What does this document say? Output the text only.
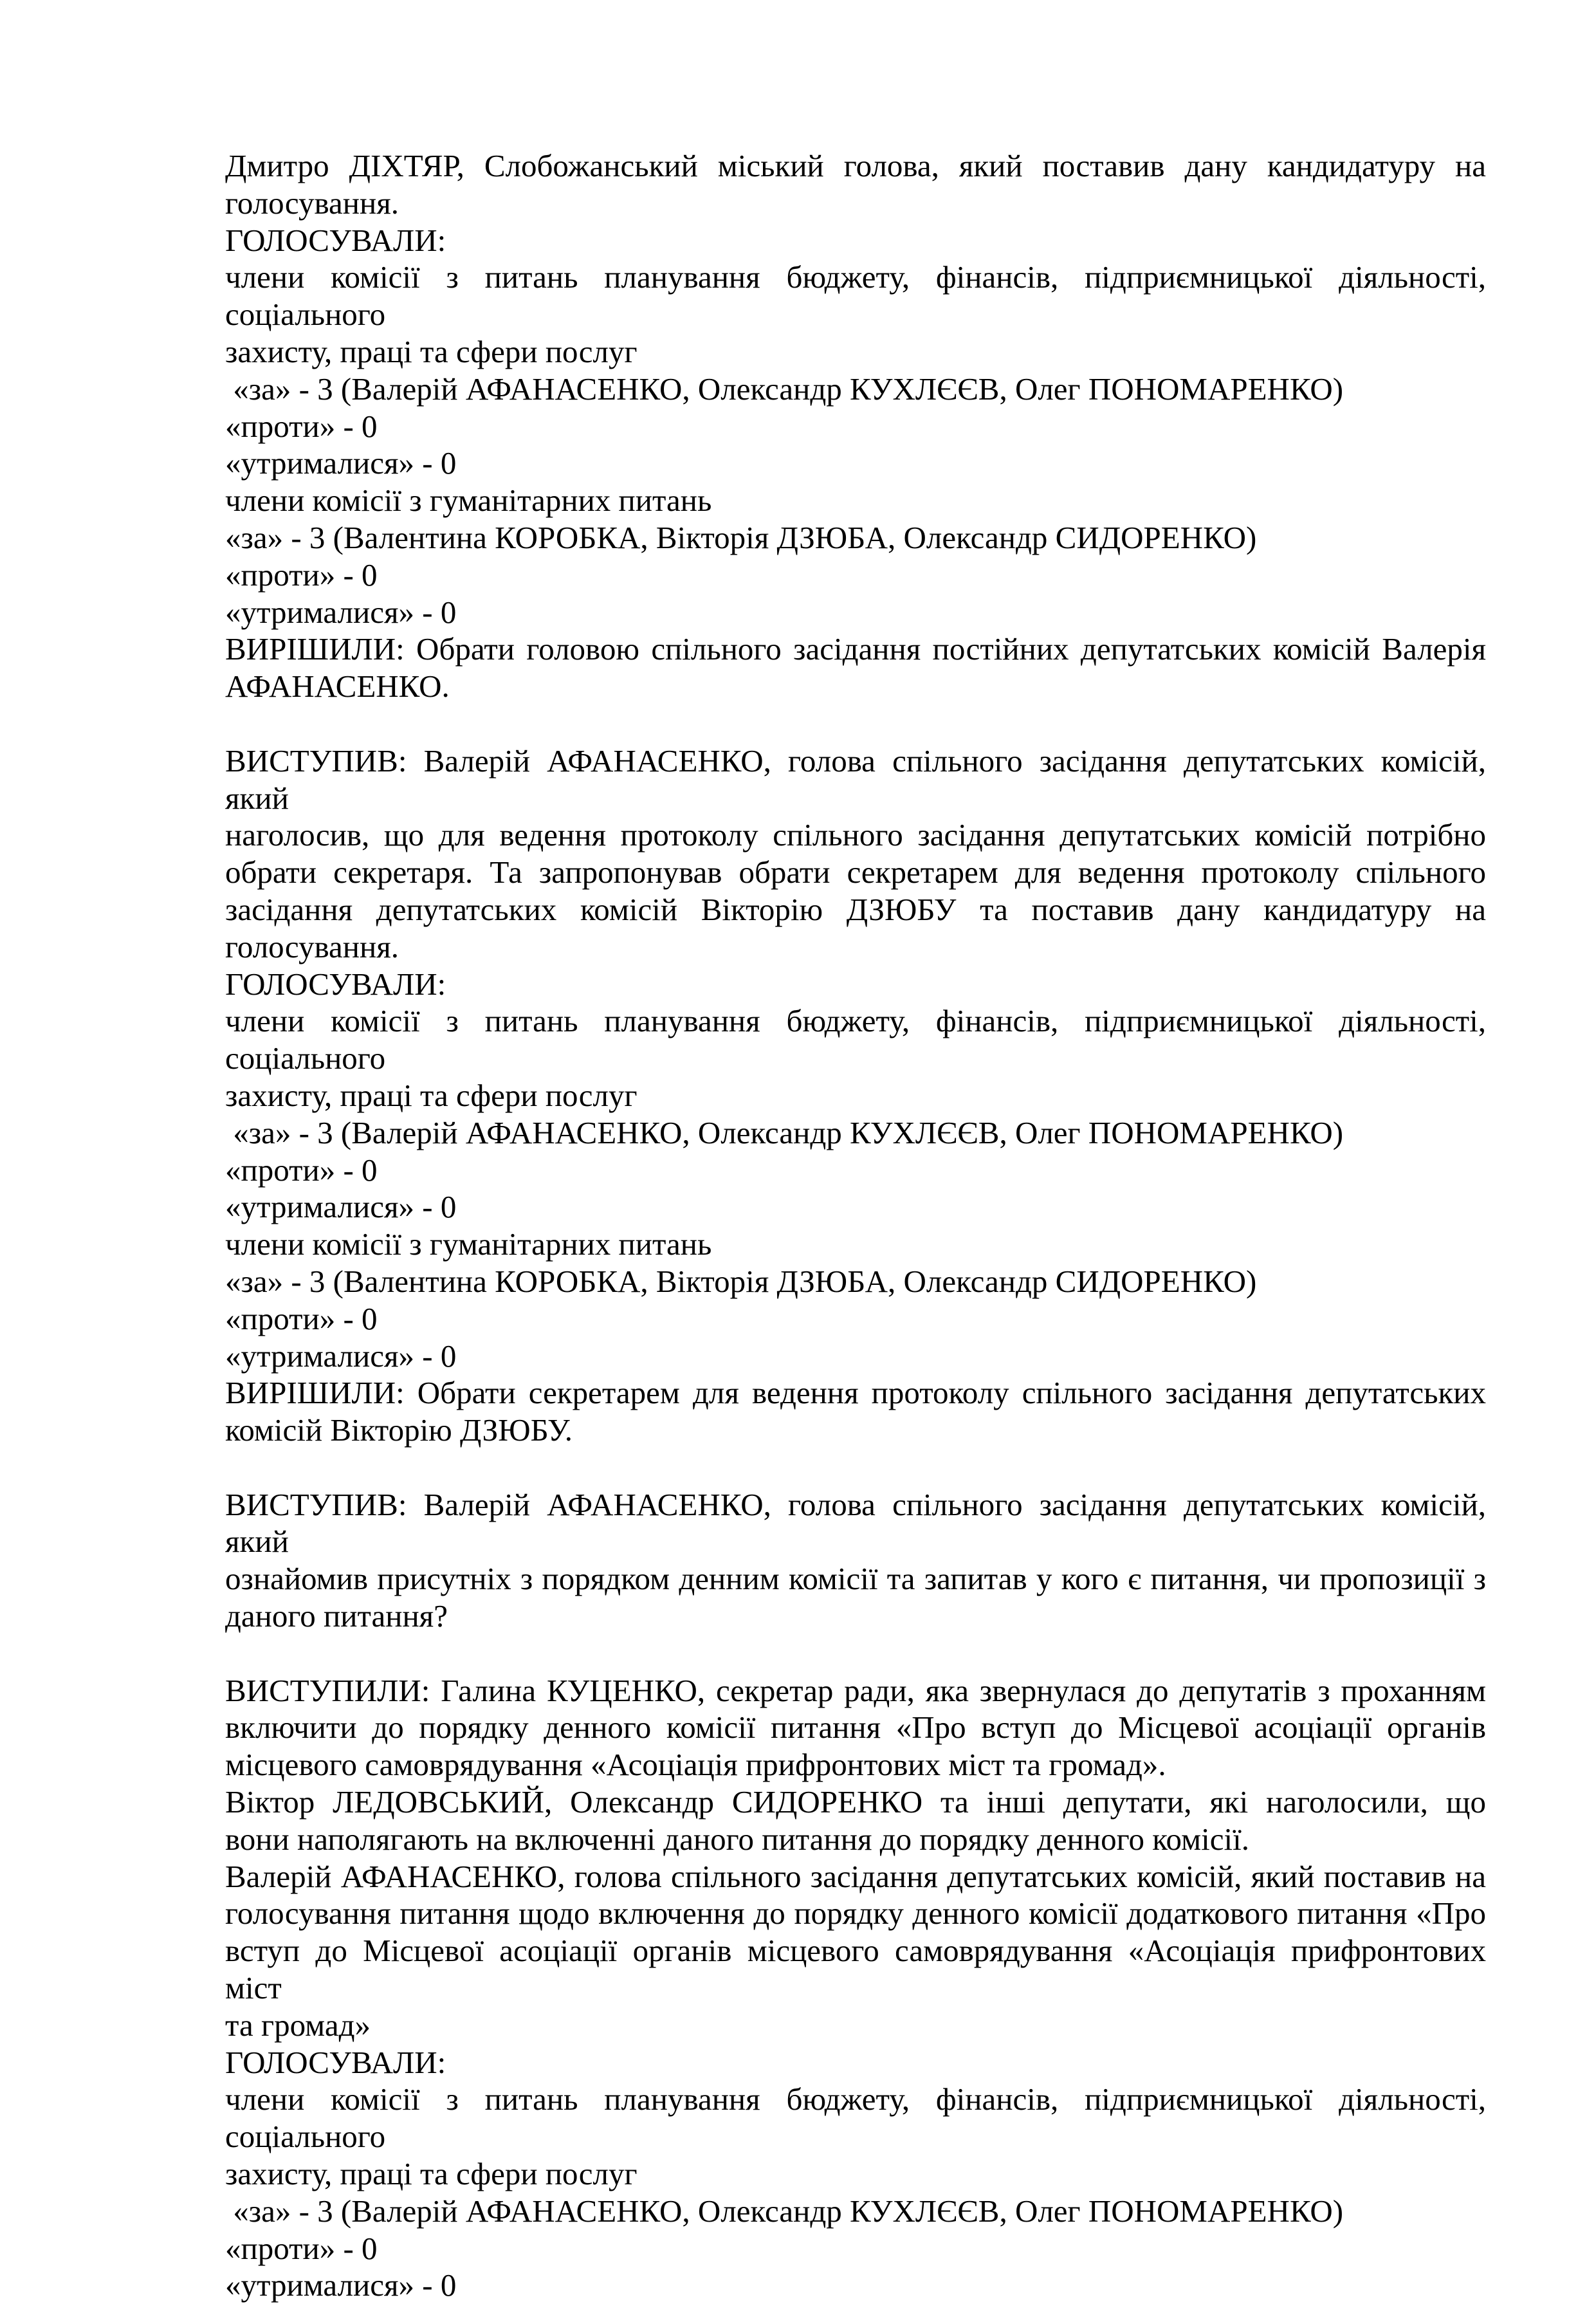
Дмитро ДІХТЯР, Слобожанський міський голова, який поставив дану кандидатуру на

голосування.

ГОЛОСУВАЛИ:

члени комісії з питань планування бюджету, фінансів, підприємницької діяльності, соціального

захисту, праці та сфери послуг

«за» - 3 (Валерій АФАНАСЕНКО, Олександр КУХЛЄЄВ, Олег ПОНОМАРЕНКО)

«проти» - 0

«утрималися» - 0

члени комісії з гуманітарних питань

«за» - 3 (Валентина КОРОБКА, Вікторія ДЗЮБА, Олександр СИДОРЕНКО)

«проти» - 0

«утрималися» - 0

ВИРІШИЛИ: Обрати головою спільного засідання постійних депутатських комісій Валерія

АФАНАСЕНКО.

ВИСТУПИВ: Валерій АФАНАСЕНКО, голова спільного засідання депутатських комісій, який

наголосив, що для ведення протоколу спільного засідання депутатських комісій потрібно

обрати секретаря. Та запропонував обрати секретарем для ведення протоколу спільного

засідання депутатських комісій Вікторію ДЗЮБУ та поставив дану кандидатуру на

голосування.

ГОЛОСУВАЛИ:

члени комісії з питань планування бюджету, фінансів, підприємницької діяльності, соціального

захисту, праці та сфери послуг

«за» - 3 (Валерій АФАНАСЕНКО, Олександр КУХЛЄЄВ, Олег ПОНОМАРЕНКО)

«проти» - 0

«утрималися» - 0

члени комісії з гуманітарних питань

«за» - 3 (Валентина КОРОБКА, Вікторія ДЗЮБА, Олександр СИДОРЕНКО)

«проти» - 0

«утрималися» - 0

ВИРІШИЛИ: Обрати секретарем для ведення протоколу спільного засідання депутатських

комісій Вікторію ДЗЮБУ.

ВИСТУПИВ: Валерій АФАНАСЕНКО, голова спільного засідання депутатських комісій, який

ознайомив присутніх з порядком денним комісії та запитав у кого є питання, чи пропозиції з

даного питання?

ВИСТУПИЛИ: Галина КУЦЕНКО, секретар ради, яка звернулася до депутатів з проханням

включити до порядку денного комісії питання «Про вступ до Місцевої асоціації органів

місцевого самоврядування «Асоціація прифронтових міст та громад».

Віктор ЛЕДОВСЬКИЙ, Олександр СИДОРЕНКО та інші депутати, які наголосили, що

вони наполягають на включенні даного питання до порядку денного комісії.

Валерій АФАНАСЕНКО, голова спільного засідання депутатських комісій, який поставив на

голосування питання щодо включення до порядку денного комісії додаткового питання «Про

вступ до Місцевої асоціації органів місцевого самоврядування «Асоціація прифронтових міст

та громад»

ГОЛОСУВАЛИ:

члени комісії з питань планування бюджету, фінансів, підприємницької діяльності, соціального

захисту, праці та сфери послуг

«за» - 3 (Валерій АФАНАСЕНКО, Олександр КУХЛЄЄВ, Олег ПОНОМАРЕНКО)

«проти» - 0

«утрималися» - 0
